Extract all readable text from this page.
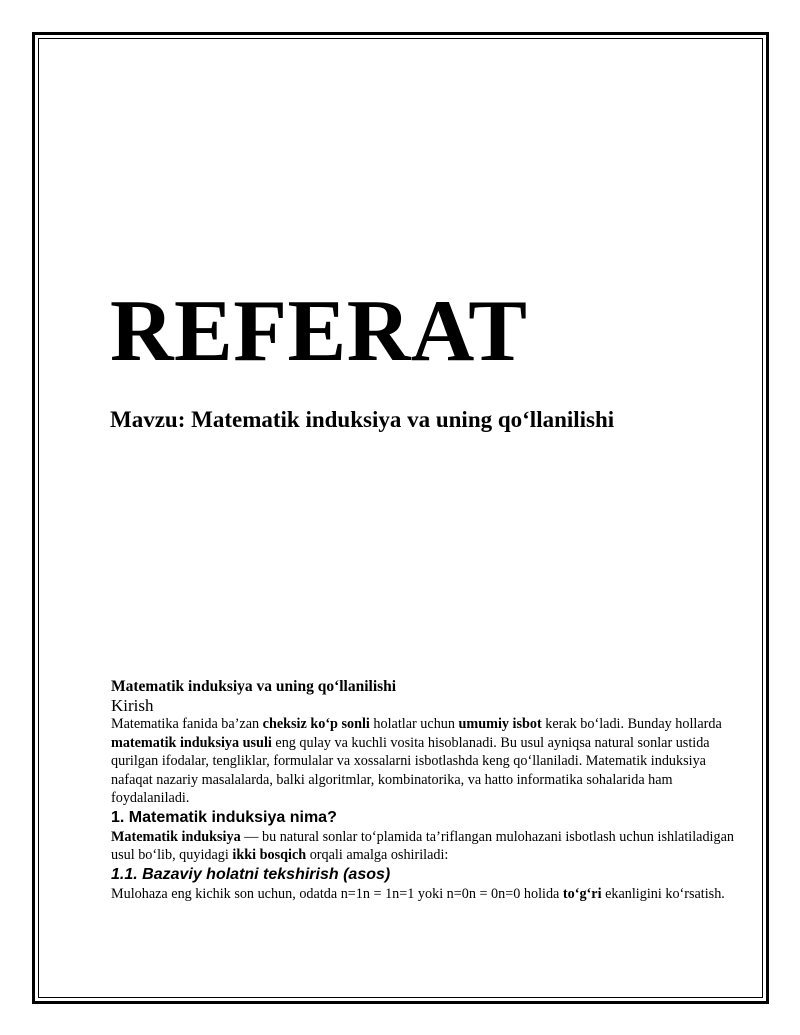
REFERAT
Mavzu: Matematik induksiya va uning qo‘llanilishi

Matematik induksiya va uning qo‘llanilishi

Kirish

Matematika fanida ba’zan cheksiz ko‘p sonli holatlar uchun umumiy isbot kerak bo‘ladi. Bunday hollarda matematik induksiya usuli eng qulay va kuchli vosita hisoblanadi. Bu usul ayniqsa natural sonlar ustida qurilgan ifodalar, tengliklar, formulalar va xossalarni isbotlashda keng qo‘llaniladi. Matematik induksiya nafaqat nazariy masalalarda, balki algoritmlar, kombinatorika, va hatto informatika sohalarida ham foydalaniladi.

1. Matematik induksiya nima?

Matematik induksiya — bu natural sonlar to‘plamida ta’riflangan mulohazani isbotlash uchun ishlatiladigan usul bo‘lib, quyidagi ikki bosqich orqali amalga oshiriladi:

1.1. Bazaviy holatni tekshirish (asos)

Mulohaza eng kichik son uchun, odatda n=1n = 1n=1 yoki n=0n = 0n=0 holida to‘g‘ri ekanligini ko‘rsatish.
